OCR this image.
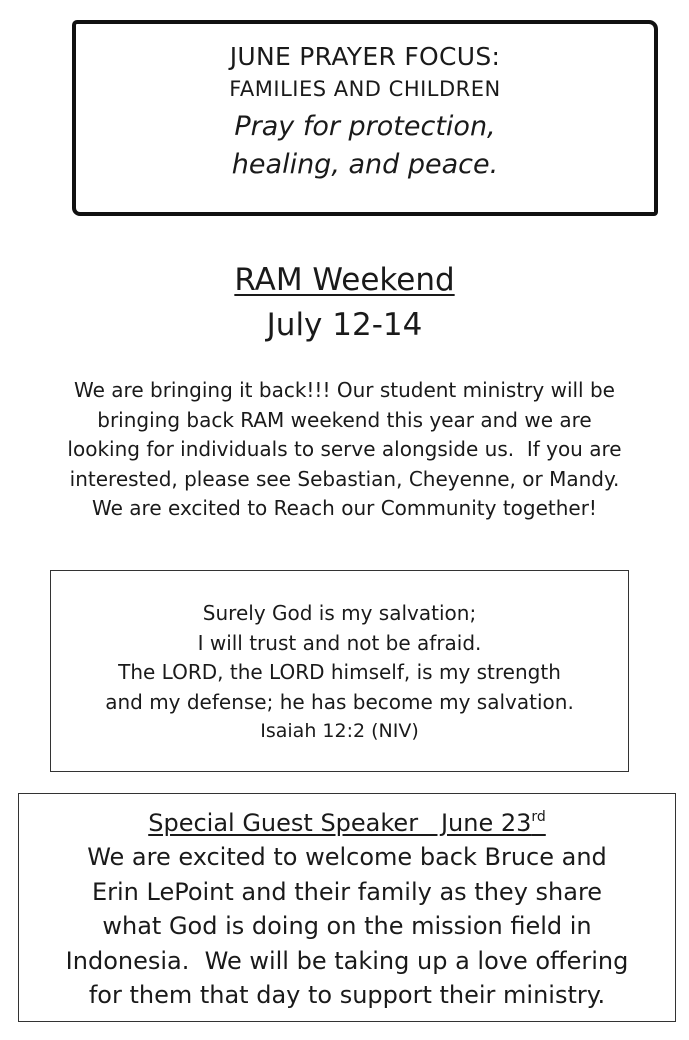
JUNE PRAYER FOCUS:
FAMILIES AND CHILDREN
Pray for protection,
healing, and peace.
RAM Weekend
July 12-14
We are bringing it back!!! Our student ministry will be
bringing back RAM weekend this year and we are
looking for individuals to serve alongside us.  If you are
interested, please see Sebastian, Cheyenne, or Mandy.
We are excited to Reach our Community together!
Surely God is my salvation;
I will trust and not be afraid.
The LORD, the LORD himself, is my strength
and my defense; he has become my salvation.
Isaiah 12:2 (NIV)
Special Guest Speaker   June 23rd
We are excited to welcome back Bruce and
Erin LePoint and their family as they share
what God is doing on the mission field in
Indonesia.  We will be taking up a love offering
for them that day to support their ministry.
